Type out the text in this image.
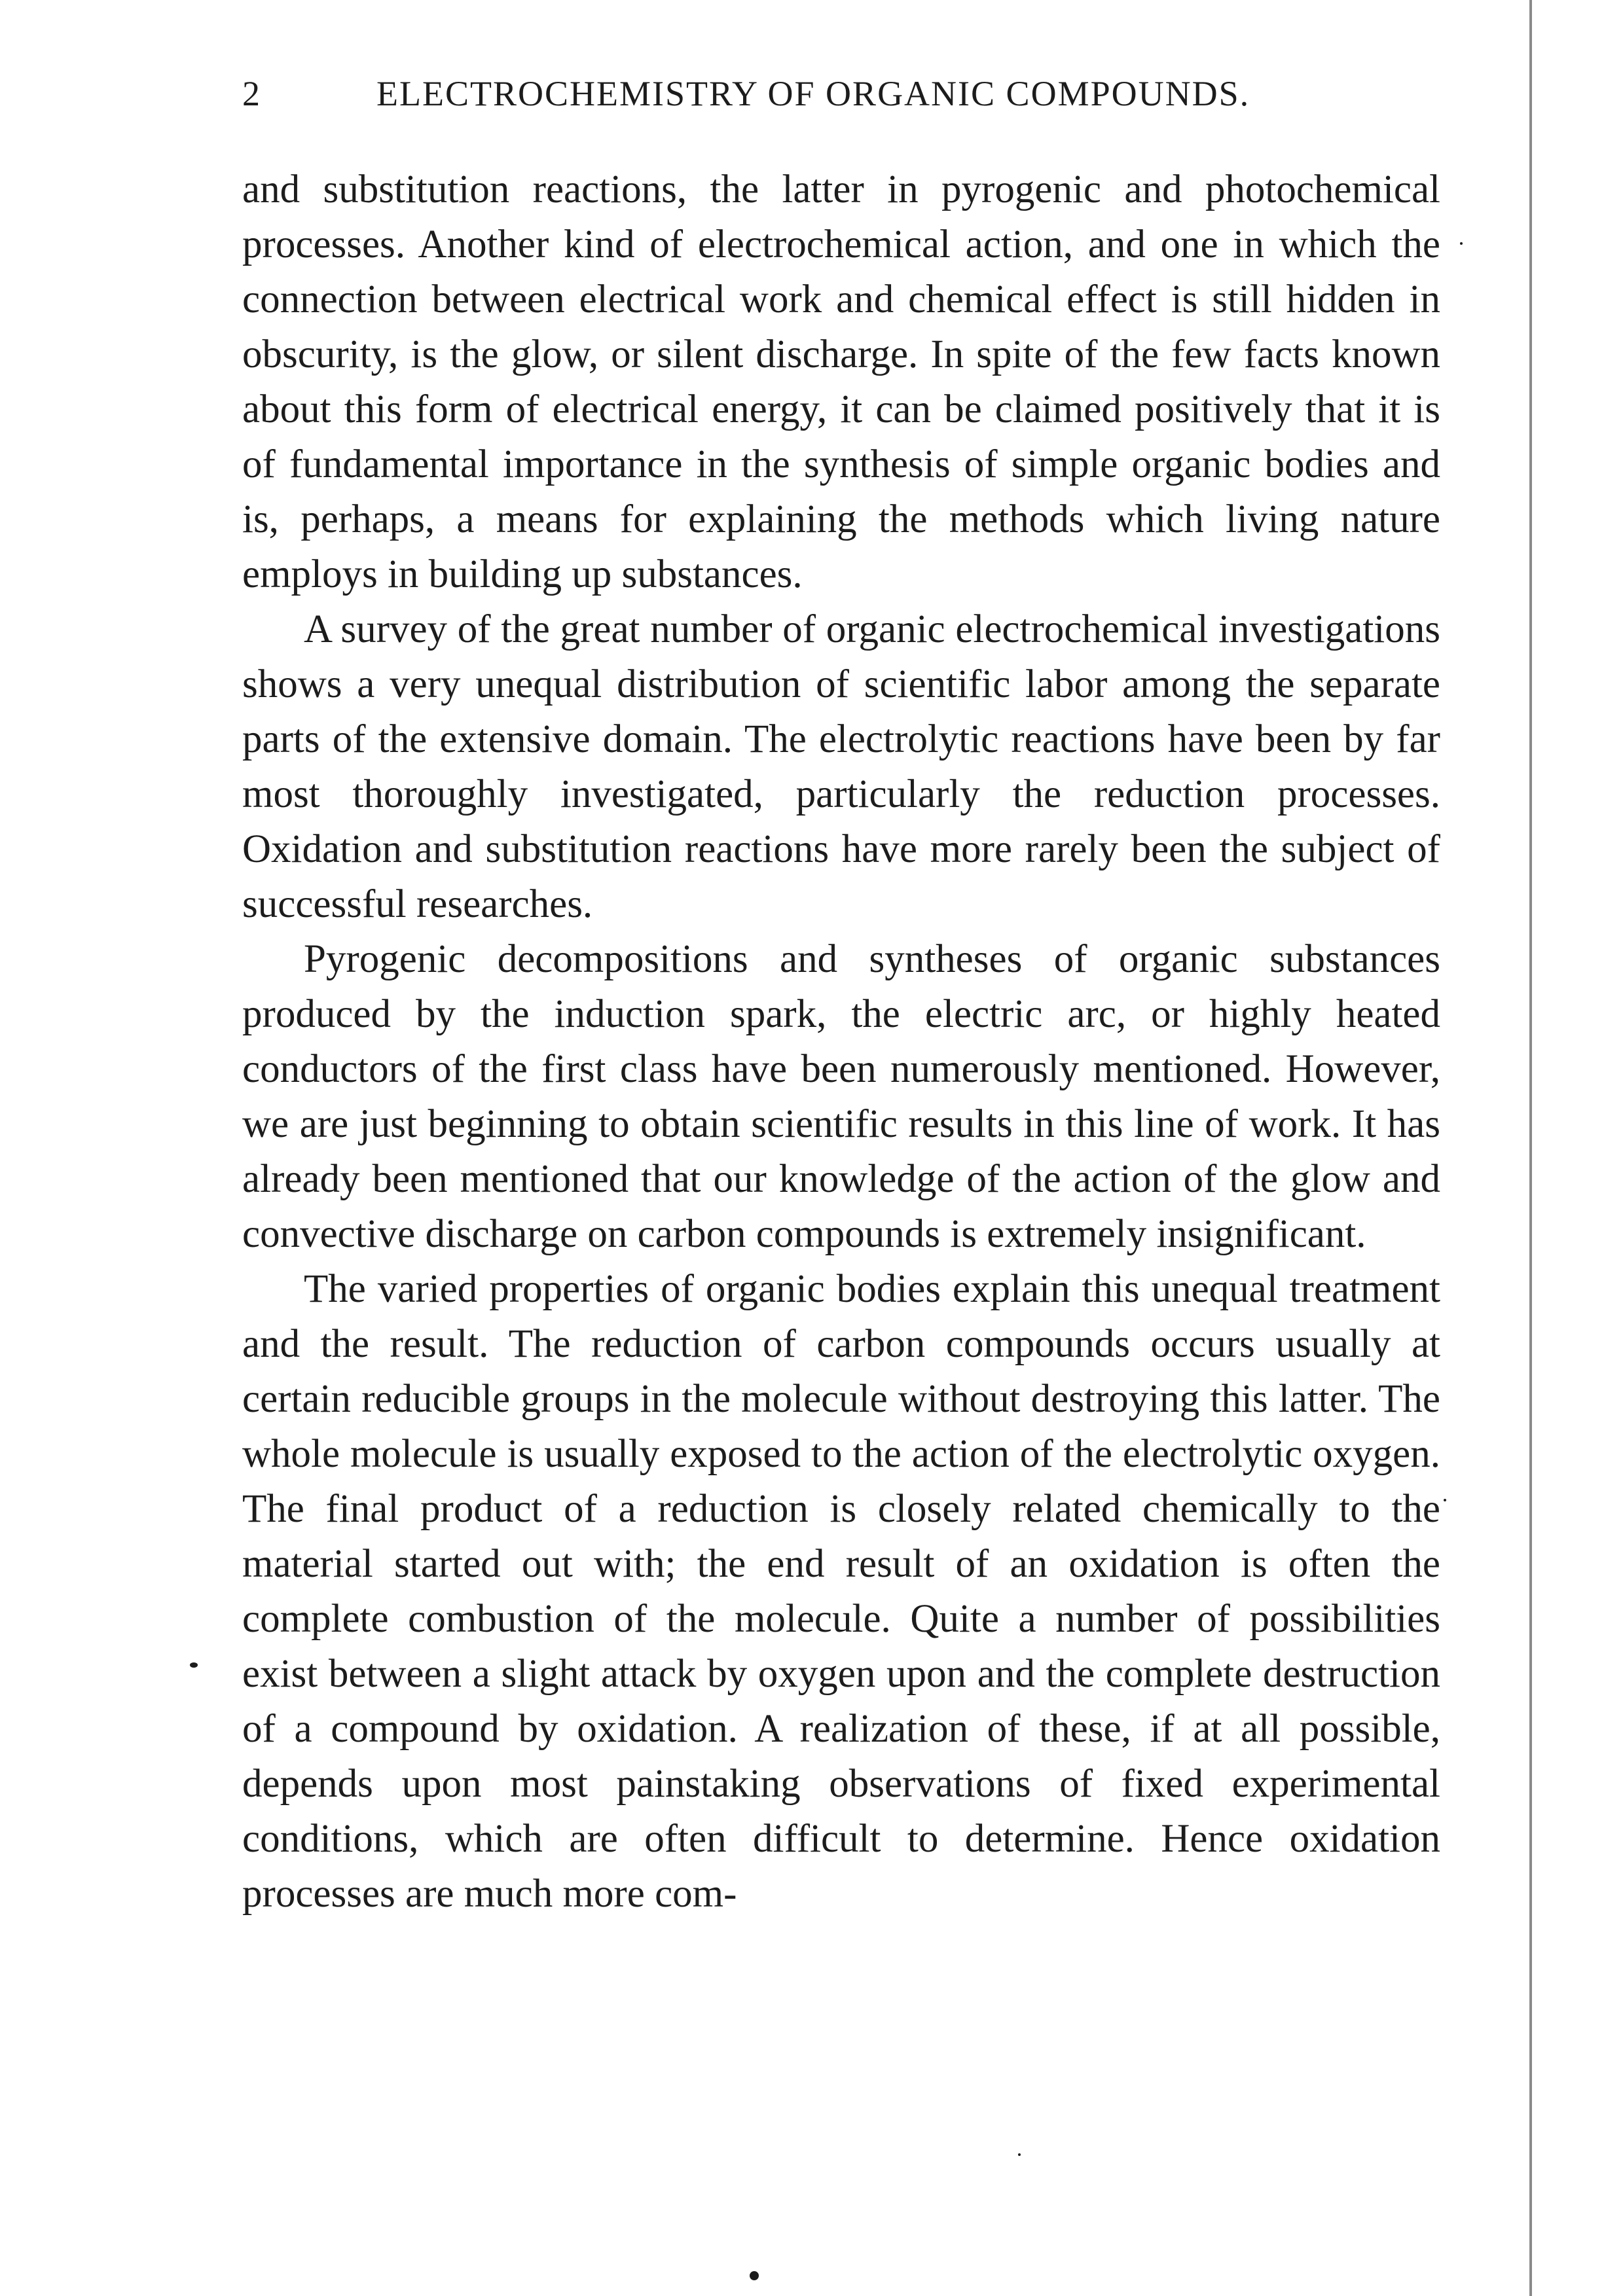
2	ELECTROCHEMISTRY OF ORGANIC COMPOUNDS.

and substitution reactions, the latter in pyrogenic and photochemical processes. Another kind of electrochemical action, and one in which the connection between electrical work and chemical effect is still hidden in obscurity, is the glow, or silent discharge. In spite of the few facts known about this form of electrical energy, it can be claimed positively that it is of fundamental importance in the synthesis of simple organic bodies and is, perhaps, a means for explaining the methods which living nature employs in building up substances.

A survey of the great number of organic electrochemical investigations shows a very unequal distribution of scientific labor among the separate parts of the extensive domain. The electrolytic reactions have been by far most thoroughly investigated, particularly the reduction processes. Oxidation and substitution reactions have more rarely been the subject of successful researches.

Pyrogenic decompositions and syntheses of organic substances produced by the induction spark, the electric arc, or highly heated conductors of the first class have been numerously mentioned. However, we are just beginning to obtain scientific results in this line of work. It has already been mentioned that our knowledge of the action of the glow and convective discharge on carbon compounds is extremely insignificant.

The varied properties of organic bodies explain this unequal treatment and the result. The reduction of carbon compounds occurs usually at certain reducible groups in the molecule without destroying this latter. The whole molecule is usually exposed to the action of the electrolytic oxygen. The final product of a reduction is closely related chemically to the material started out with; the end result of an oxidation is often the complete combustion of the molecule. Quite a number of possibilities exist between a slight attack by oxygen upon and the complete destruction of a compound by oxidation. A realization of these, if at all possible, depends upon most painstaking observations of fixed experimental conditions, which are often difficult to determine. Hence oxidation processes are much more com-
